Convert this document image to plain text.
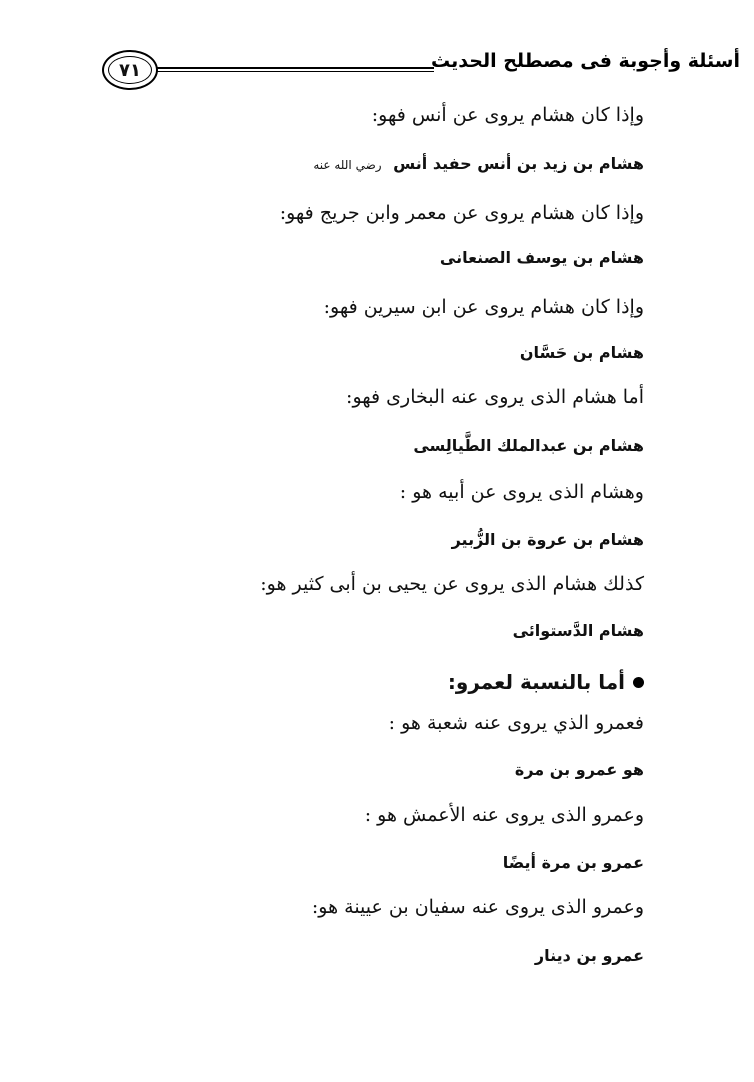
أسئلة وأجوبة فى مصطلح الحديث
٧١
وإذا كان هشام يروى عن أنس فهو:
هشام بن زيد بن أنس حفيد أنس رضي الله عنه
وإذا كان هشام يروى عن معمر وابن جريج فهو:
هشام بن يوسف الصنعانى
وإذا كان هشام يروى عن ابن سيرين فهو:
هشام بن حَسَّان
أما هشام الذى يروى عنه البخارى فهو:
هشام بن عبدالملك الطَّيالِسى
وهشام الذى يروى عن أبيه هو :
هشام بن عروة بن الزُّبير
كذلك هشام الذى يروى عن يحيى بن أبى كثير هو:
هشام الدَّستوائى
أما بالنسبة لعمرو:
فعمرو الذي يروى عنه شعبة هو :
هو عمرو بن مرة
وعمرو الذى يروى عنه الأعمش هو :
عمرو بن مرة أيضًا
وعمرو الذى يروى عنه سفيان بن عيينة هو:
عمرو بن دينار
